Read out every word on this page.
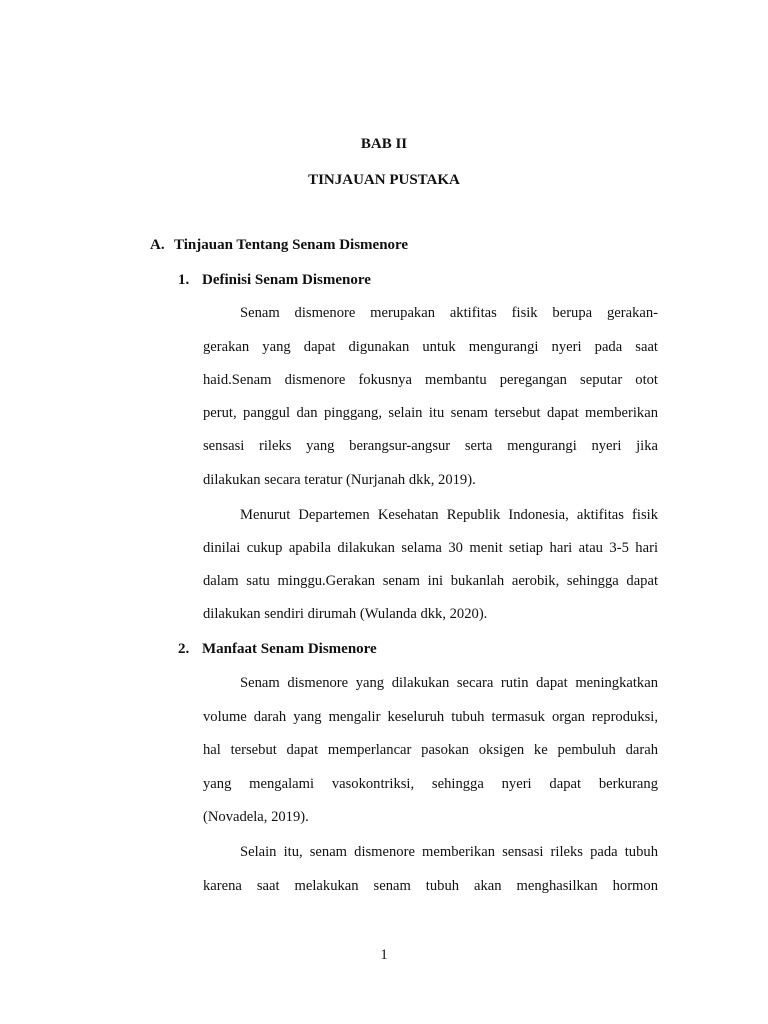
BAB II
TINJAUAN PUSTAKA
A. Tinjauan Tentang Senam Dismenore
1. Definisi Senam Dismenore
Senam dismenore merupakan aktifitas fisik berupa gerakan-
gerakan yang dapat digunakan untuk mengurangi nyeri pada saat
haid.Senam dismenore fokusnya membantu peregangan seputar otot
perut, panggul dan pinggang, selain itu senam tersebut dapat memberikan
sensasi rileks yang berangsur-angsur serta mengurangi nyeri jika
dilakukan secara teratur (Nurjanah dkk, 2019).
Menurut Departemen Kesehatan Republik Indonesia, aktifitas fisik
dinilai cukup apabila dilakukan selama 30 menit setiap hari atau 3-5 hari
dalam satu minggu.Gerakan senam ini bukanlah aerobik, sehingga dapat
dilakukan sendiri dirumah (Wulanda dkk, 2020).
2. Manfaat Senam Dismenore
Senam dismenore yang dilakukan secara rutin dapat meningkatkan
volume darah yang mengalir keseluruh tubuh termasuk organ reproduksi,
hal tersebut dapat memperlancar pasokan oksigen ke pembuluh darah
yang mengalami vasokontriksi, sehingga nyeri dapat berkurang
(Novadela, 2019).
Selain itu, senam dismenore memberikan sensasi rileks pada tubuh
karena saat melakukan senam tubuh akan menghasilkan hormon
1
